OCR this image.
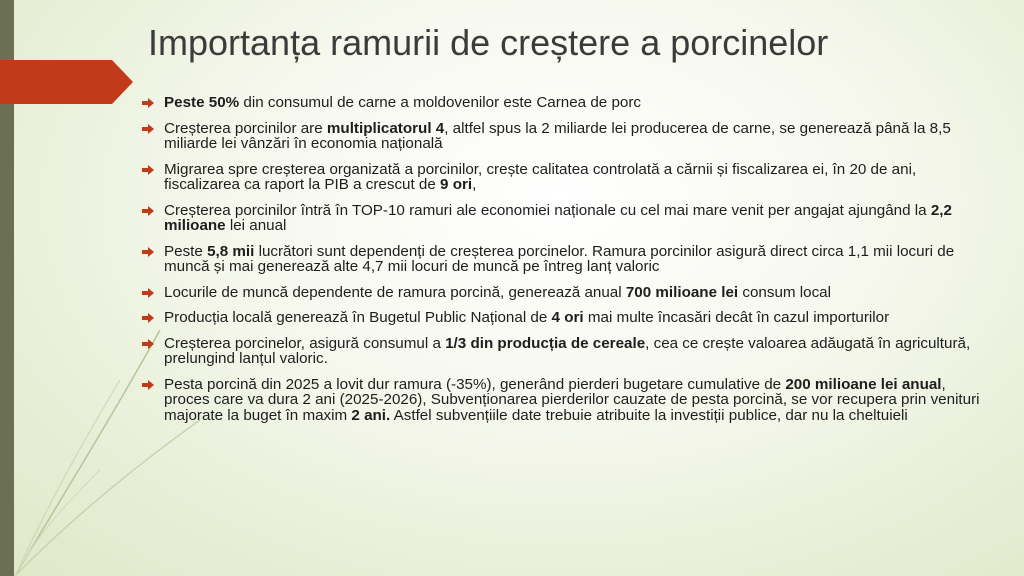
Importanța ramurii de creștere a porcinelor
Peste 50% din consumul de carne a moldovenilor este Carnea de porc
Creșterea porcinilor are multiplicatorul 4, altfel spus la 2 miliarde lei producerea de carne, se generează până la 8,5 miliarde lei vânzări în economia națională
Migrarea spre creșterea organizată a porcinilor, crește calitatea controlată a cărnii și fiscalizarea ei, în 20 de ani, fiscalizarea ca raport la PIB a crescut de 9 ori,
Creșterea porcinilor întră în TOP-10 ramuri ale economiei naționale cu cel mai mare venit per angajat ajungând la 2,2 milioane lei anual
Peste 5,8 mii lucrători sunt dependenți de creșterea porcinelor. Ramura porcinilor asigură direct circa 1,1 mii locuri de muncă și mai generează alte 4,7 mii locuri de muncă pe întreg lanț valoric
Locurile de muncă dependente de ramura porcină, generează anual 700 milioane lei consum local
Producția locală generează în Bugetul Public Național de 4 ori mai multe încasări decât în cazul importurilor
Creșterea porcinelor, asigură consumul a 1/3 din producția de cereale, cea ce crește valoarea adăugată în agricultură, prelungind lanțul valoric.
Pesta porcină din 2025 a lovit dur ramura (-35%), generând pierderi bugetare cumulative de 200 milioane lei anual, proces care va dura 2 ani (2025-2026), Subvenționarea pierderilor cauzate de pesta porcină, se vor recupera prin venituri majorate la buget în maxim 2 ani. Astfel subvențiile date trebuie atribuite la investiții publice, dar nu la cheltuieli
